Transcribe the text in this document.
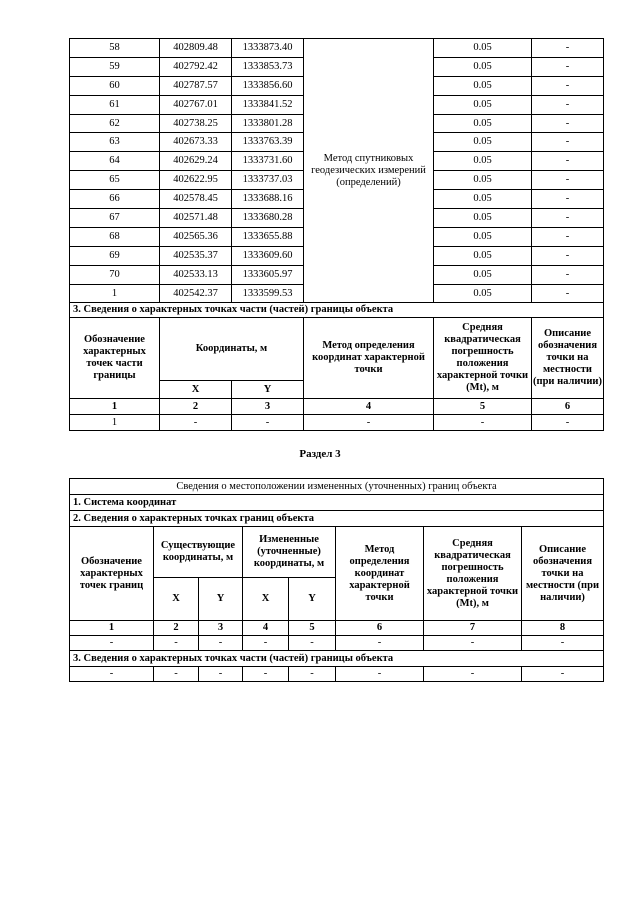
58	402809.48	1333873.40	Метод спутниковых геодезических измерений (определений)	0.05	-
59	402792.42	1333853.73		0.05	-
60	402787.57	1333856.60		0.05	-
61	402767.01	1333841.52		0.05	-
62	402738.25	1333801.28		0.05	-
63	402673.33	1333763.39		0.05	-
64	402629.24	1333731.60		0.05	-
65	402622.95	1333737.03		0.05	-
66	402578.45	1333688.16		0.05	-
67	402571.48	1333680.28		0.05	-
68	402565.36	1333655.88		0.05	-
69	402535.37	1333609.60		0.05	-
70	402533.13	1333605.97		0.05	-
1	402542.37	1333599.53		0.05	-
3. Сведения о характерных точках части (частей) границы объекта					
Обозначение характерных точек части границы	Координаты, м		Метод определения координат характерной точки	Средняя квадратическая погрешность положения характерной точки (Mt), м	Описание обозначения точки на местности (при наличии)
	X	Y			
1	2	3	4	5	6
1	-	-	-	-	-
Раздел 3
Сведения о местоположении измененных (уточненных) границ объекта							
1. Система координат							
2. Сведения о характерных точках границ объекта							
Обозначение характерных точек границ	Существующие координаты, м		Измененные (уточненные) координаты, м		Метод определения координат характерной точки	Средняя квадратическая погрешность положения характерной точки (Mt), м	Описание обозначения точки на местности (при наличии)
	X	Y	X	Y			
1	2	3	4	5	6	7	8
-	-	-	-	-	-	-	-
3. Сведения о характерных точках части (частей) границы объекта							
-	-	-	-	-	-	-	-
